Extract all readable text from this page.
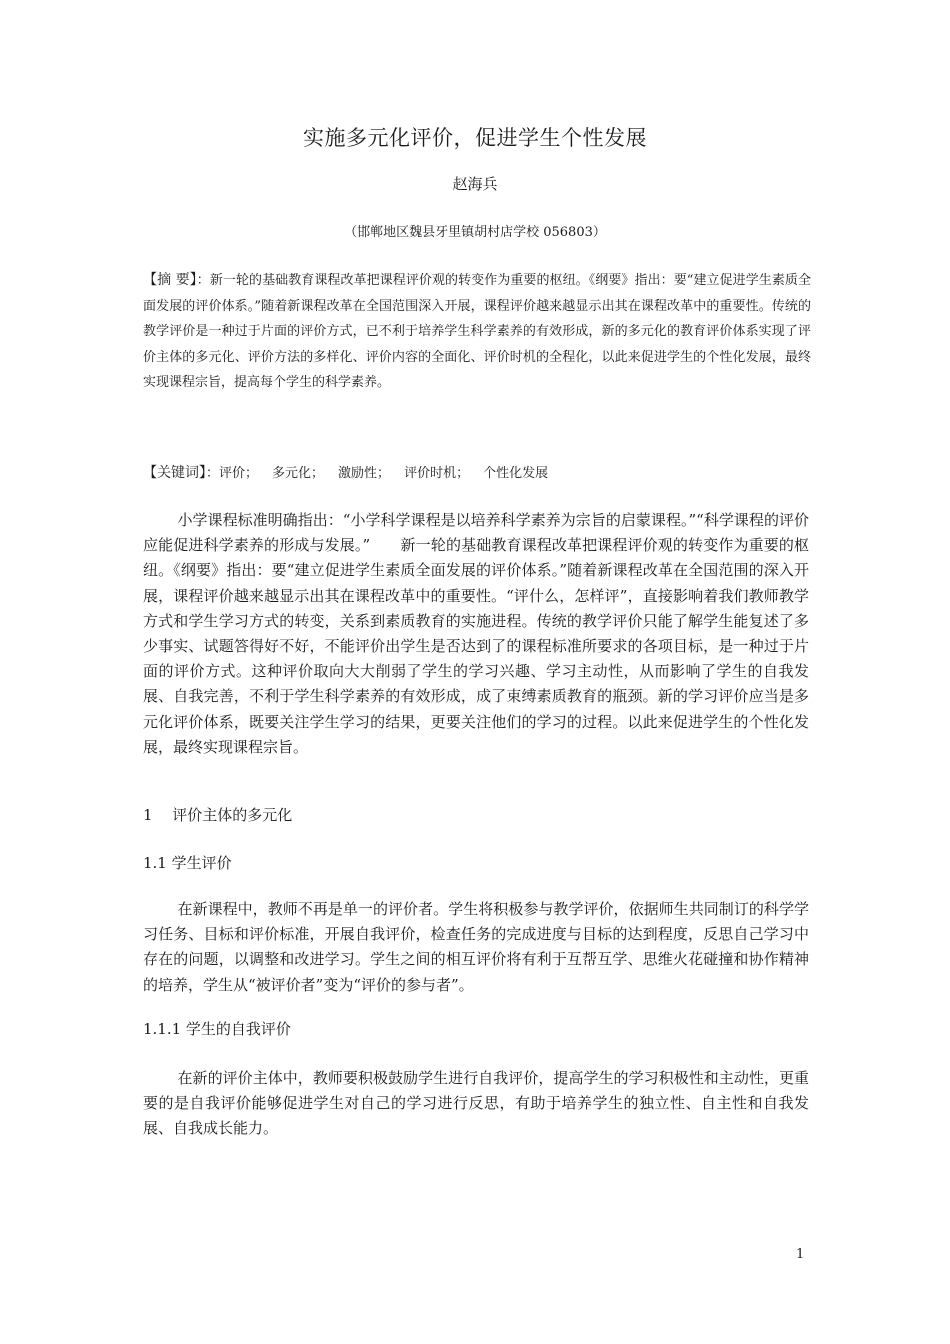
实施多元化评价，促进学生个性发展
赵海兵
（邯郸地区魏县牙里镇胡村店学校 056803）
【摘 要】：新一轮的基础教育课程改革把课程评价观的转变作为重要的枢纽。《纲要》指出：要“建立促进学生素质全面发展的评价体系。”随着新课程改革在全国范围深入开展，课程评价越来越显示出其在课程改革中的重要性。传统的教学评价是一种过于片面的评价方式，已不利于培养学生科学素养的有效形成，新的多元化的教育评价体系实现了评价主体的多元化、评价方法的多样化、评价内容的全面化、评价时机的全程化，以此来促进学生的个性化发展，最终实现课程宗旨，提高每个学生的科学素养。
【关键词】：评价； 多元化； 激励性； 评价时机； 个性化发展
小学课程标准明确指出：“小学科学课程是以培养科学素养为宗旨的启蒙课程。”“科学课程的评价应能促进科学素养的形成与发展。”　　新一轮的基础教育课程改革把课程评价观的转变作为重要的枢纽。《纲要》指出：要“建立促进学生素质全面发展的评价体系。”随着新课程改革在全国范围的深入开展，课程评价越来越显示出其在课程改革中的重要性。“评什么，怎样评”，直接影响着我们教师教学方式和学生学习方式的转变，关系到素质教育的实施进程。传统的教学评价只能了解学生能复述了多少事实、试题答得好不好，不能评价出学生是否达到了的课程标准所要求的各项目标，是一种过于片面的评价方式。这种评价取向大大削弱了学生的学习兴趣、学习主动性，从而影响了学生的自我发展、自我完善，不利于学生科学素养的有效形成，成了束缚素质教育的瓶颈。新的学习评价应当是多元化评价体系，既要关注学生学习的结果，更要关注他们的学习的过程。以此来促进学生的个性化发展，最终实现课程宗旨。
1　 评价主体的多元化
1.1 学生评价
在新课程中，教师不再是单一的评价者。学生将积极参与教学评价，依据师生共同制订的科学学习任务、目标和评价标准，开展自我评价，检查任务的完成进度与目标的达到程度，反思自己学习中存在的问题，以调整和改进学习。学生之间的相互评价将有利于互帮互学、思维火花碰撞和协作精神的培养，学生从“被评价者”变为“评价的参与者”。
1.1.1 学生的自我评价
在新的评价主体中，教师要积极鼓励学生进行自我评价，提高学生的学习积极性和主动性，更重要的是自我评价能够促进学生对自己的学习进行反思，有助于培养学生的独立性、自主性和自我发展、自我成长能力。
1
